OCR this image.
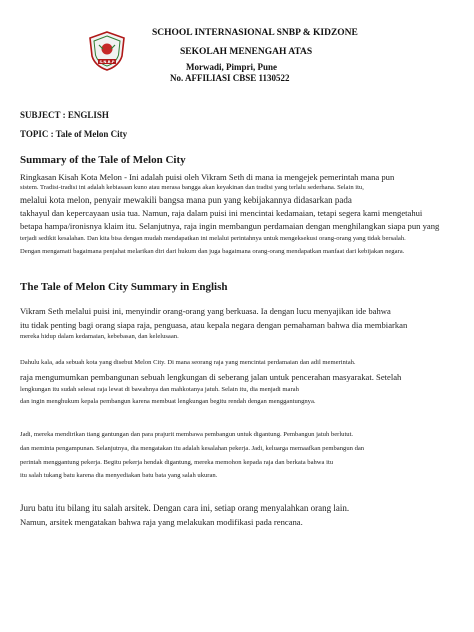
S.N.B.P
SCHOOL INTERNASIONAL SNBP & KIDZONE
SEKOLAH MENENGAH ATAS
Morwadi, Pimpri, Pune
No. AFFILIASI CBSE 1130522
SUBJECT : ENGLISH
TOPIC : Tale of Melon City
Summary of the Tale of Melon City
Ringkasan Kisah Kota Melon - Ini adalah puisi oleh Vikram Seth di mana ia mengejek pemerintah mana pun
sistem. Tradisi-tradisi ini adalah kebiasaan kuno atau merasa bangga akan keyakinan dan tradisi yang terlalu sederhana. Selain itu,
melalui kota melon, penyair mewakili bangsa mana pun yang kebijakannya didasarkan pada
takhayul dan kepercayaan usia tua. Namun, raja dalam puisi ini mencintai kedamaian, tetapi segera kami mengetahui
betapa hampa/ironisnya klaim itu. Selanjutnya, raja ingin membangun perdamaian dengan menghilangkan siapa pun yang
terjadi sedikit kesalahan. Dan kita bisa dengan mudah mendapatkan ini melalui perintahnya untuk mengeksekusi orang-orang yang tidak bersalah.
Dengan mengamati bagaimana penjahat melarikan diri dari hukum dan juga bagaimana orang-orang mendapatkan manfaat dari kebijakan negara.
The Tale of Melon City Summary in English
Vikram Seth melalui puisi ini, menyindir orang-orang yang berkuasa. Ia dengan lucu menyajikan ide bahwa
itu tidak penting bagi orang siapa raja, penguasa, atau kepala negara dengan pemahaman bahwa dia membiarkan
mereka hidup dalam kedamaian, kebebasan, dan kelelusaan.
Dahulu kala, ada sebuah kota yang disebut Melon City. Di mana seorang raja yang mencintai perdamaian dan adil memerintah.
raja mengumumkan pembangunan sebuah lengkungan di seberang jalan untuk pencerahan masyarakat. Setelah
lengkungan itu sudah selesai raja lewat di bawahnya dan mahkotanya jatuh. Selain itu, dia menjadi marah
dan ingin menghukum kepala pembangun karena membuat lengkungan begitu rendah dengan menggantungnya.
Jadi, mereka mendirikan tiang gantungan dan para prajurit membawa pembangun untuk digantung. Pembangun jatuh berlutut.
dan meminta pengampunan. Selanjutnya, dia mengatakan itu adalah kesalahan pekerja. Jadi, keluarga memaafkan pembangun dan
perintah menggantung pekerja. Begitu pekerja hendak digantung, mereka memohon kepada raja dan berkata bahwa itu
itu salah tukang batu karena dia menyediakan batu bata yang salah ukuran.
Juru batu itu bilang itu salah arsitek. Dengan cara ini, setiap orang menyalahkan orang lain.
Namun, arsitek mengatakan bahwa raja yang melakukan modifikasi pada rencana.
